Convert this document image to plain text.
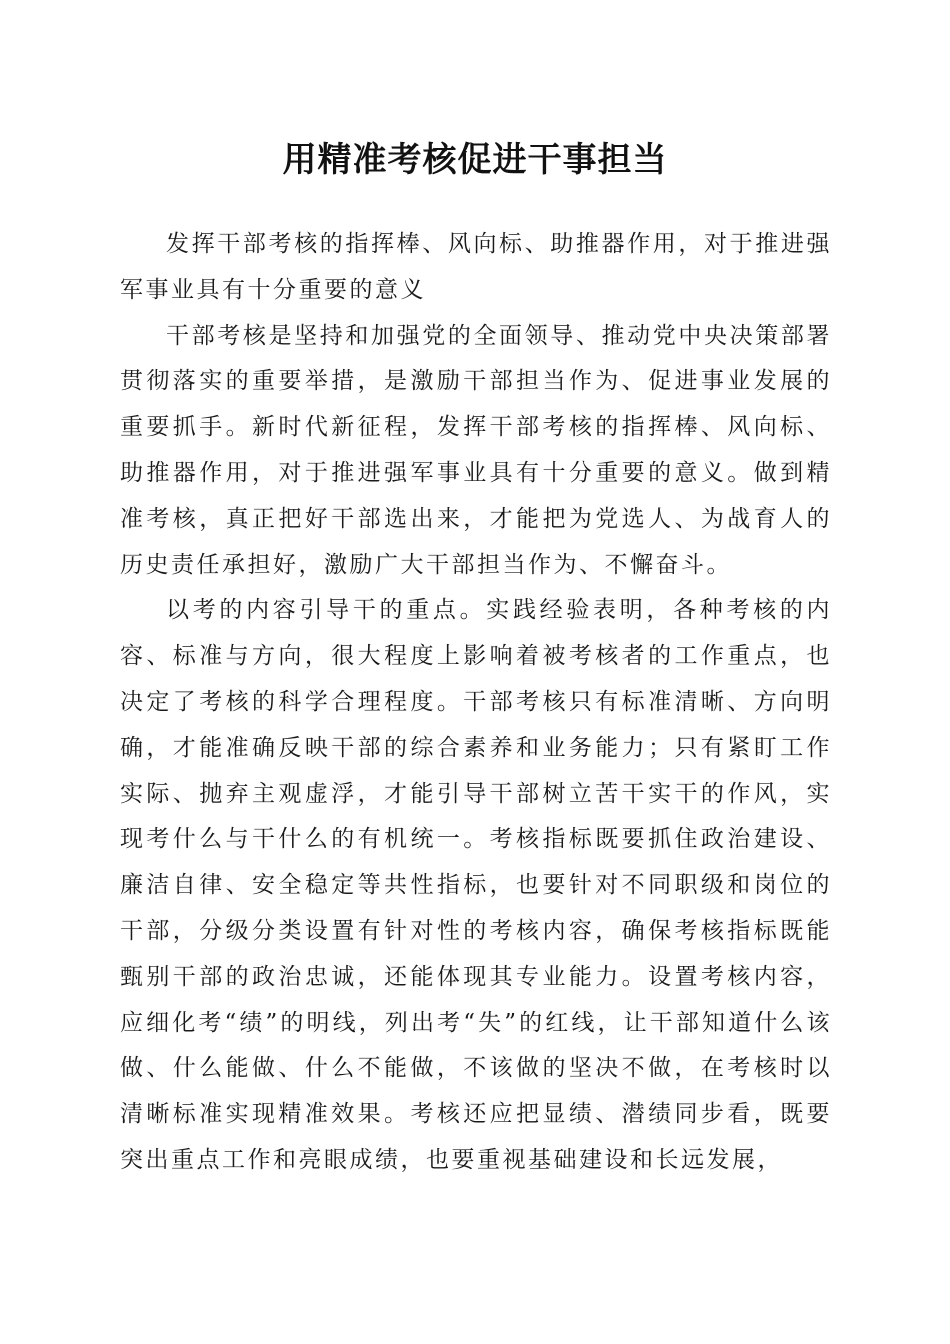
用精准考核促进干事担当

发挥干部考核的指挥棒、风向标、助推器作用，对于推进强军事业具有十分重要的意义

干部考核是坚持和加强党的全面领导、推动党中央决策部署贯彻落实的重要举措，是激励干部担当作为、促进事业发展的重要抓手。新时代新征程，发挥干部考核的指挥棒、风向标、助推器作用，对于推进强军事业具有十分重要的意义。做到精准考核，真正把好干部选出来，才能把为党选人、为战育人的历史责任承担好，激励广大干部担当作为、不懈奋斗。

以考的内容引导干的重点。实践经验表明，各种考核的内容、标准与方向，很大程度上影响着被考核者的工作重点，也决定了考核的科学合理程度。干部考核只有标准清晰、方向明确，才能准确反映干部的综合素养和业务能力；只有紧盯工作实际、抛弃主观虚浮，才能引导干部树立苦干实干的作风，实现考什么与干什么的有机统一。考核指标既要抓住政治建设、廉洁自律、安全稳定等共性指标，也要针对不同职级和岗位的干部，分级分类设置有针对性的考核内容，确保考核指标既能甄别干部的政治忠诚，还能体现其专业能力。设置考核内容，应细化考“绩”的明线，列出考“失”的红线，让干部知道什么该做、什么能做、什么不能做，不该做的坚决不做，在考核时以清晰标准实现精准效果。考核还应把显绩、潜绩同步看，既要突出重点工作和亮眼成绩，也要重视基础建设和长远发展，
